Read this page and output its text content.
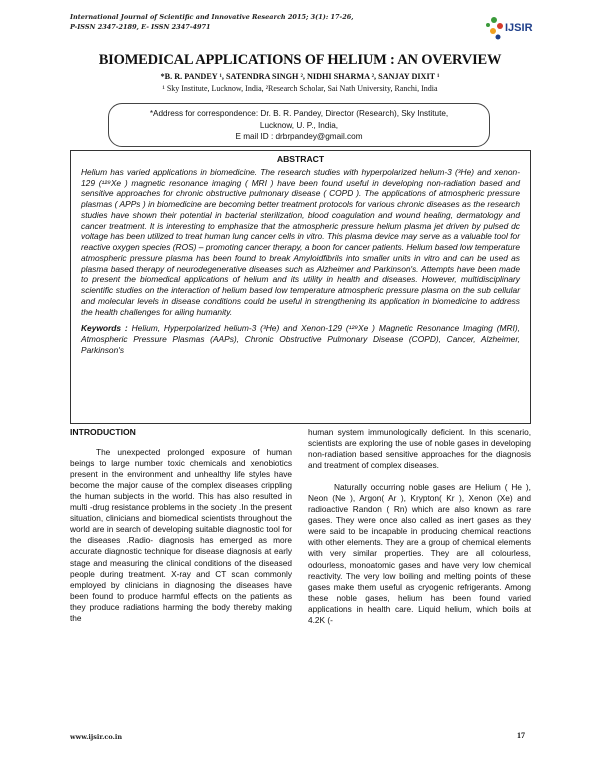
International Journal of Scientific and Innovative Research 2015; 3(1): 17-26,
P-ISSN 2347-2189, E- ISSN 2347-4971	IJSIR
BIOMEDICAL APPLICATIONS OF HELIUM : AN OVERVIEW
*B. R. PANDEY ¹, SATENDRA SINGH ², NIDHI SHARMA ², SANJAY DIXIT ¹
¹ Sky Institute, Lucknow, India, ²Research Scholar, Sai Nath University, Ranchi, India
*Address for correspondence: Dr. B. R. Pandey, Director (Research), Sky Institute,
Lucknow, U. P., India,
E mail ID : drbrpandey@gmail.com
ABSTRACT
Helium has varied applications in biomedicine. The research studies with hyperpolarized helium-3 (³He) and xenon-129 (¹²⁹Xe ) magnetic resonance imaging ( MRI ) have been found useful in developing non-radiation based and sensitive approaches for chronic obstructive pulmonary disease ( COPD ). The applications of atmospheric pressure plasmas ( APPs ) in biomedicine are becoming better treatment protocols for various chronic diseases as the research studies have shown their potential in bacterial sterilization, blood coagulation and wound healing, dermatology and cancer treatment. It is interesting to emphasize that the atmospheric pressure helium plasma jet driven by pulsed dc voltage has been utilized to treat human lung cancer cells in vitro. This plasma device may serve as a valuable tool for reactive oxygen species (ROS) – promoting cancer therapy, a boon for cancer patients. Helium based low temperature atmospheric pressure plasma has been found to break Amyloidfibrils into smaller units in vitro and can be used as plasma based therapy of neurodegenerative diseases such as Alzheimer and Parkinson's. Attempts have been made to present the biomedical applications of helium and its utility in health and diseases. However, multidisciplinary scientific studies on the interaction of helium based low temperature atmospheric pressure plasma on the sub cellular and molecular levels in disease conditions could be useful in strengthening its application in biomedicine to address the health challenges for ailing humanity.
Keywords : Helium, Hyperpolarized helium-3 (³He) and Xenon-129 (¹²⁹Xe ) Magnetic Resonance Imaging (MRI), Atmospheric Pressure Plasmas (AAPs), Chronic Obstructive Pulmonary Disease (COPD), Cancer, Alzheimer, Parkinson's
INTRODUCTION
The unexpected prolonged exposure of human beings to large number toxic chemicals and xenobiotics present in the environment and unhealthy life styles have become the major cause of the complex diseases crippling the human subjects in the world. This has also resulted in multi -drug resistance problems in the society .In the present situation, clinicians and biomedical scientists throughout the world are in search of developing suitable diagnostic tool for the diseases .Radio- diagnosis has emerged as more accurate diagnostic technique for disease diagnosis at early stage and measuring the clinical conditions of the diseased people during treatment. X-ray and CT scan commonly employed by clinicians in diagnosing the diseases have been found to produce harmful effects on the patients as they produce radiations harming the body thereby making the
human system immunologically deficient. In this scenario, scientists are exploring the use of noble gases in developing non-radiation based sensitive approaches for the diagnosis and treatment of complex diseases.
Naturally occurring noble gases are Helium ( He ), Neon (Ne ), Argon( Ar ), Krypton( Kr ), Xenon (Xe) and radioactive Randon ( Rn) which are also known as rare gases. They were once also called as inert gases as they were said to be incapable in producing chemical reactions with other elements. They are a group of chemical elements with very similar properties. They are all colourless, odourless, monoatomic gases and have very low chemical reactivity. The very low boiling and melting points of these gases make them useful as cryogenic refrigerants. Among these noble gases, helium has been found varied applications in health care. Liquid helium, which boils at 4.2K (-
www.ijsir.co.in	17
